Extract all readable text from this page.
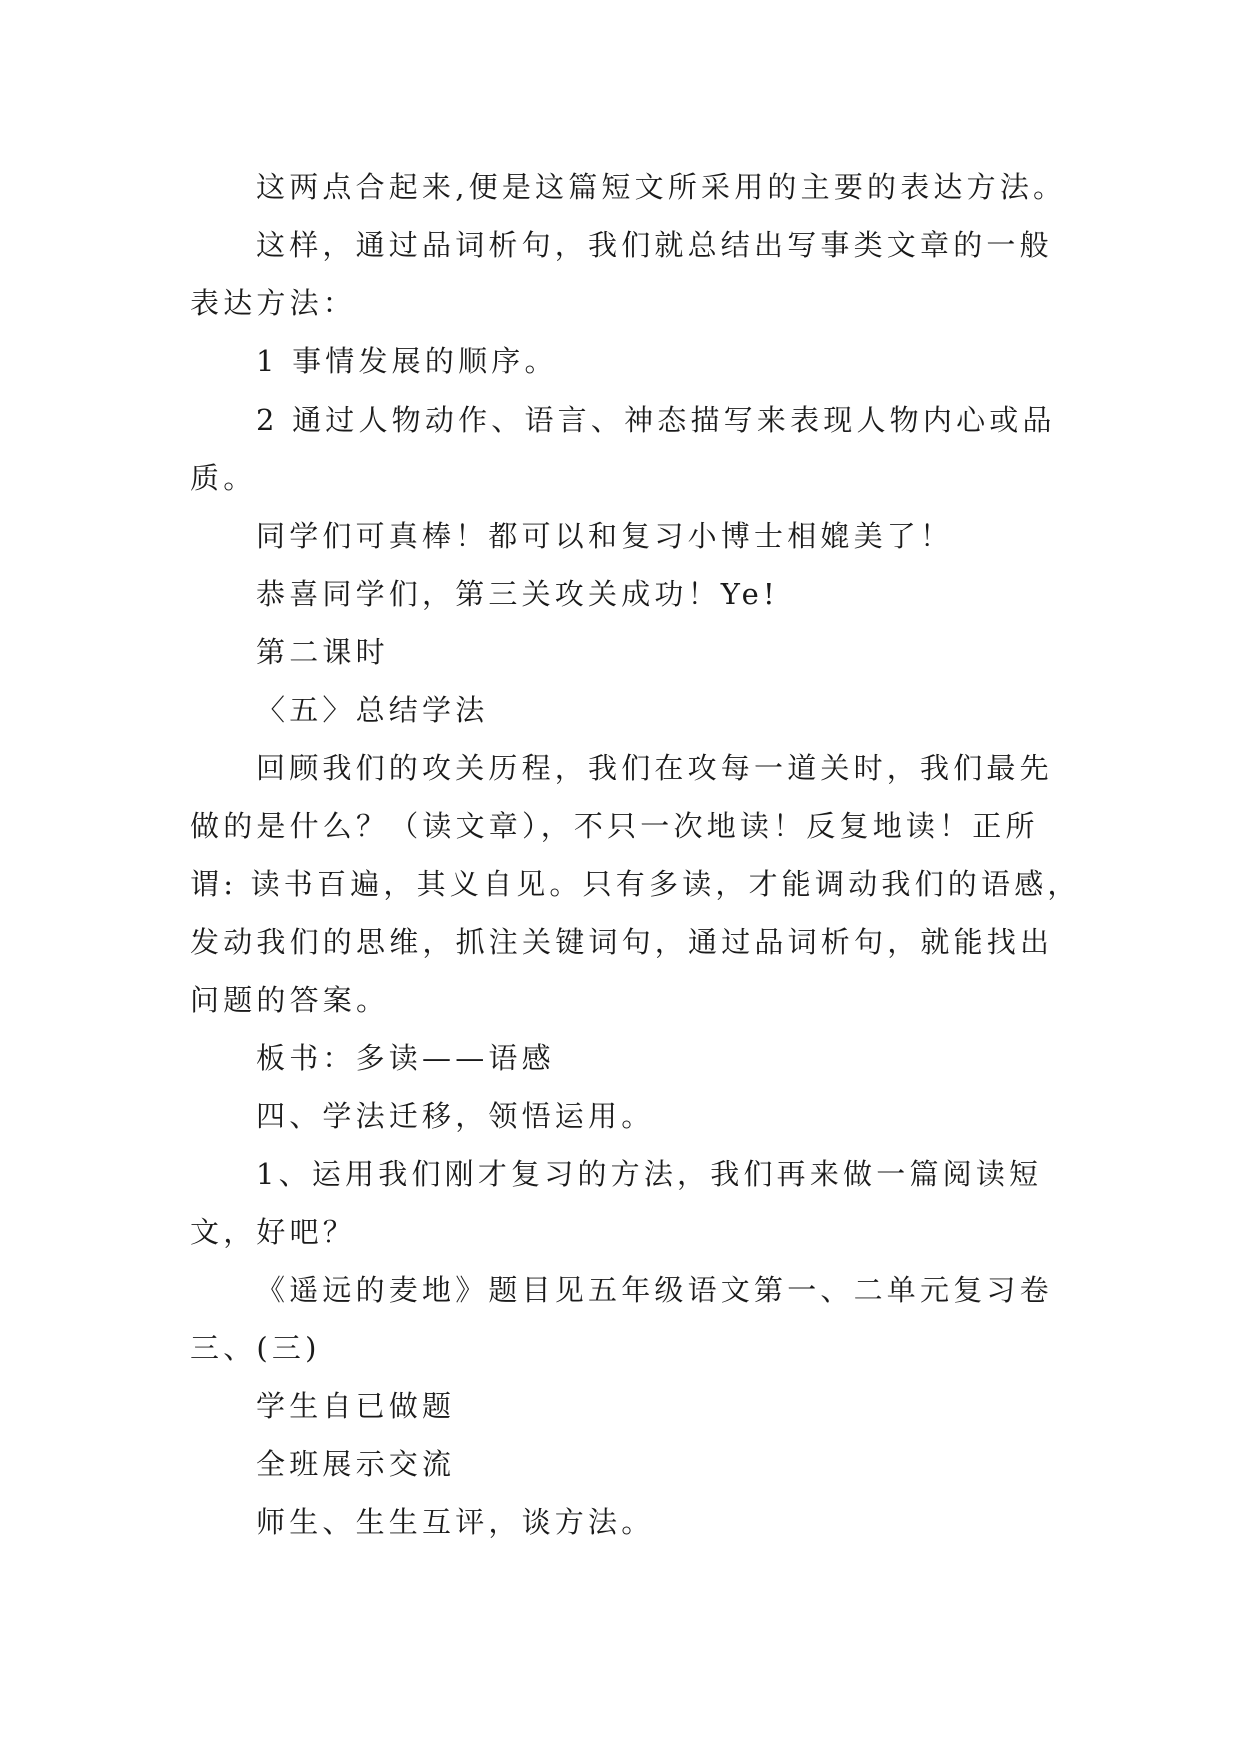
这两点合起来,便是这篇短文所采用的主要的表达方法。
这样，通过品词析句，我们就总结出写事类文章的一般
表达方法：
1 事情发展的顺序。
2 通过人物动作、语言、神态描写来表现人物内心或品
质。
同学们可真棒！都可以和复习小博士相媲美了！
恭喜同学们，第三关攻关成功！Ye!
第二课时
〈五〉总结学法
回顾我们的攻关历程，我们在攻每一道关时，我们最先
做的是什么？（读文章），不只一次地读！反复地读！正所
谓: 读书百遍，其义自见。只有多读，才能调动我们的语感，
发动我们的思维，抓注关键词句，通过品词析句，就能找出
问题的答案。
板书：多读——语感
四、学法迁移，领悟运用。
1、运用我们刚才复习的方法，我们再来做一篇阅读短
文，好吧？
《遥远的麦地》题目见五年级语文第一、二单元复习卷
三、(三)
学生自已做题
全班展示交流
师生、生生互评，谈方法。
